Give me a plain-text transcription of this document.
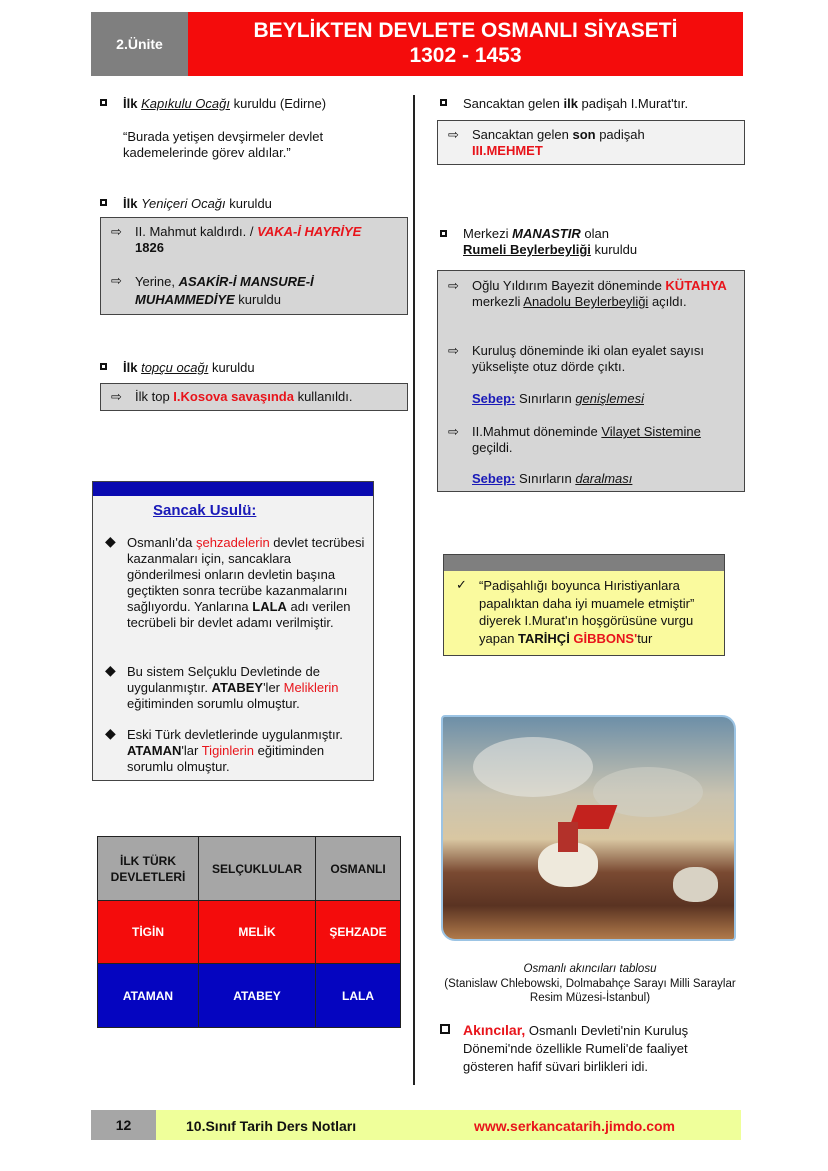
2.Ünite
BEYLİKTEN DEVLETE OSMANLI SİYASETİ
1302 - 1453
İlk Kapıkulu Ocağı kuruldu (Edirne)
“Burada yetişen devşirmeler devlet kademelerinde görev aldılar.”
İlk Yeniçeri Ocağı kuruldu
⇨ II. Mahmut kaldırdı. / VAKA-İ HAYRİYE
1826
⇨ Yerine, ASAKİR-İ MANSURE-İ MUHAMMEDİYE kuruldu
İlk topçu ocağı kuruldu
⇨ İlk top I.Kosova savaşında kullanıldı.
Sancak Usulü:
◆ Osmanlı'da şehzadelerin devlet tecrübesi kazanmaları için, sancaklara gönderilmesi onların devletin başına geçtikten sonra tecrübe kazanmalarını sağlıyordu. Yanlarına LALA adı verilen tecrübeli bir devlet adamı verilmiştir.
◆ Bu sistem Selçuklu Devletinde de uygulanmıştır. ATABEY'ler Meliklerin eğitiminden sorumlu olmuştur.
◆ Eski Türk devletlerinde uygulanmıştır. ATAMAN'lar Tiginlerin eğitiminden sorumlu olmuştur.
İLK TÜRK DEVLETLERİ	SELÇUKLULAR	OSMANLI
TİGİN	MELİK	ŞEHZADE
ATAMAN	ATABEY	LALA
Sancaktan gelen ilk padişah I.Murat'tır.
⇨ Sancaktan gelen son padişah
III.MEHMET
Merkezi MANASTIR olan
Rumeli Beylerbeyliği kuruldu
⇨ Oğlu Yıldırım Bayezit döneminde KÜTAHYA merkezli Anadolu Beylerbeyliği açıldı.
⇨ Kuruluş döneminde iki olan eyalet sayısı yükselişte otuz dörde çıktı.
Sebep: Sınırların genişlemesi
⇨ II.Mahmut döneminde Vilayet Sistemine geçildi.
Sebep: Sınırların daralması
✓ “Padişahlığı boyunca Hıristiyanlara papalıktan daha iyi muamele etmiştir” diyerek I.Murat'ın hoşgörüsüne vurgu yapan TARİHÇİ GİBBONS'tur
Osmanlı akıncıları tablosu
(Stanislaw Chlebowski, Dolmabahçe Sarayı Milli Saraylar Resim Müzesi-İstanbul)
Akıncılar, Osmanlı Devleti'nin Kuruluş Dönemi'nde özellikle Rumeli'de faaliyet gösteren hafif süvari birlikleri idi.
12	10.Sınıf Tarih Ders Notları	www.serkancatarih.jimdo.com
